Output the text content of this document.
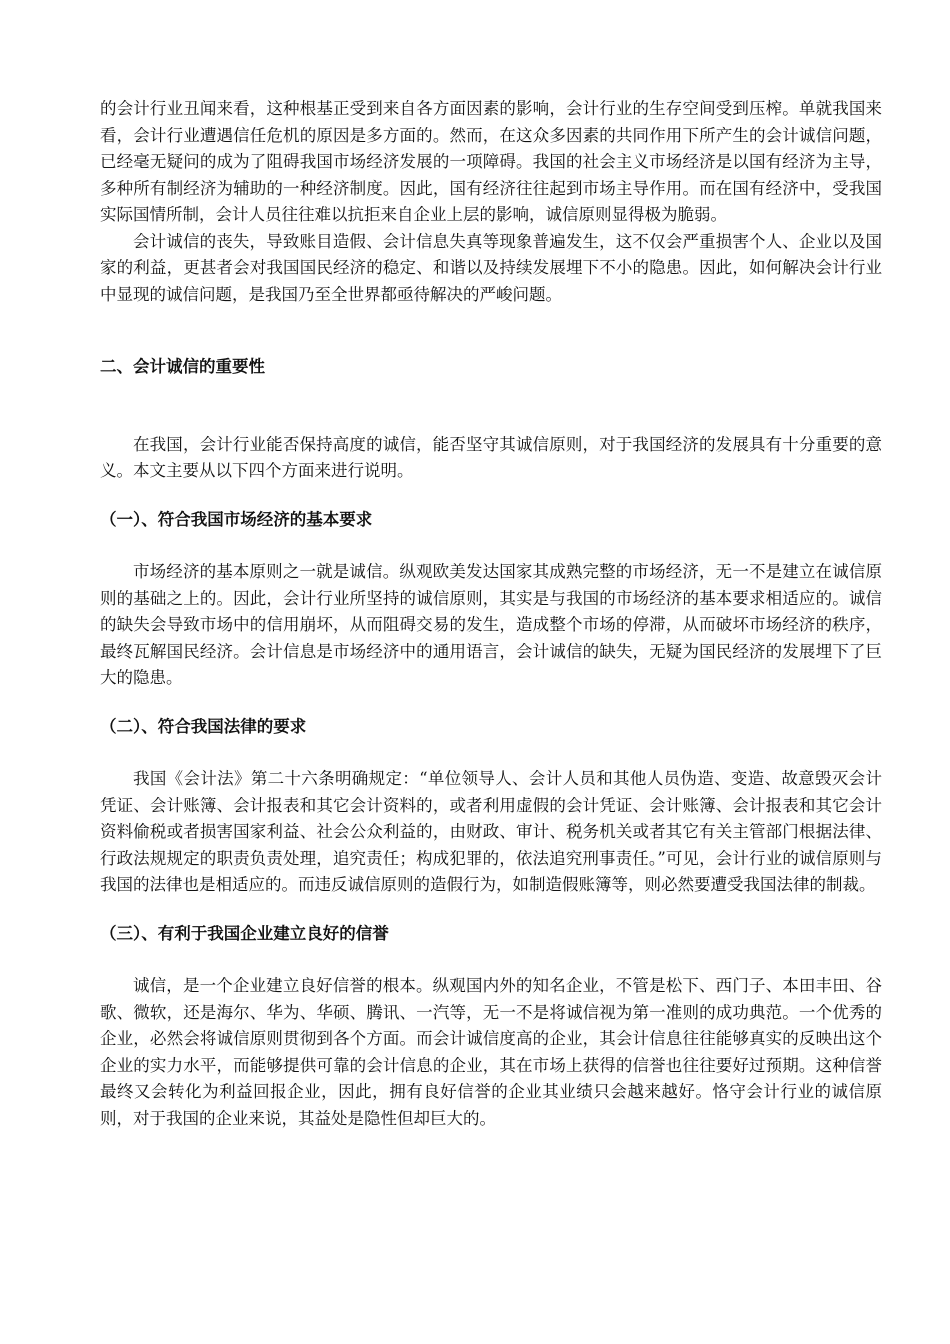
的会计行业丑闻来看，这种根基正受到来自各方面因素的影响，会计行业的生存空间受到压榨。单就我国来看，会计行业遭遇信任危机的原因是多方面的。然而，在这众多因素的共同作用下所产生的会计诚信问题，已经毫无疑问的成为了阻碍我国市场经济发展的一项障碍。我国的社会主义市场经济是以国有经济为主导，多种所有制经济为辅助的一种经济制度。因此，国有经济往往起到市场主导作用。而在国有经济中，受我国实际国情所制，会计人员往往难以抗拒来自企业上层的影响，诚信原则显得极为脆弱。

会计诚信的丧失，导致账目造假、会计信息失真等现象普遍发生，这不仅会严重损害个人、企业以及国家的利益，更甚者会对我国国民经济的稳定、和谐以及持续发展埋下不小的隐患。因此，如何解决会计行业中显现的诚信问题，是我国乃至全世界都亟待解决的严峻问题。

二、会计诚信的重要性

在我国，会计行业能否保持高度的诚信，能否坚守其诚信原则，对于我国经济的发展具有十分重要的意义。本文主要从以下四个方面来进行说明。

（一）、符合我国市场经济的基本要求

市场经济的基本原则之一就是诚信。纵观欧美发达国家其成熟完整的市场经济，无一不是建立在诚信原则的基础之上的。因此，会计行业所坚持的诚信原则，其实是与我国的市场经济的基本要求相适应的。诚信的缺失会导致市场中的信用崩坏，从而阻碍交易的发生，造成整个市场的停滞，从而破坏市场经济的秩序，最终瓦解国民经济。会计信息是市场经济中的通用语言，会计诚信的缺失，无疑为国民经济的发展埋下了巨大的隐患。

（二）、符合我国法律的要求

我国《会计法》第二十六条明确规定：“单位领导人、会计人员和其他人员伪造、变造、故意毁灭会计凭证、会计账簿、会计报表和其它会计资料的，或者利用虚假的会计凭证、会计账簿、会计报表和其它会计资料偷税或者损害国家利益、社会公众利益的，由财政、审计、税务机关或者其它有关主管部门根据法律、行政法规规定的职责负责处理，追究责任；构成犯罪的，依法追究刑事责任。”可见，会计行业的诚信原则与我国的法律也是相适应的。而违反诚信原则的造假行为，如制造假账簿等，则必然要遭受我国法律的制裁。

（三）、有利于我国企业建立良好的信誉

诚信，是一个企业建立良好信誉的根本。纵观国内外的知名企业，不管是松下、西门子、本田丰田、谷歌、微软，还是海尔、华为、华硕、腾讯、一汽等，无一不是将诚信视为第一准则的成功典范。一个优秀的企业，必然会将诚信原则贯彻到各个方面。而会计诚信度高的企业，其会计信息往往能够真实的反映出这个企业的实力水平，而能够提供可靠的会计信息的企业，其在市场上获得的信誉也往往要好过预期。这种信誉最终又会转化为利益回报企业，因此，拥有良好信誉的企业其业绩只会越来越好。恪守会计行业的诚信原则，对于我国的企业来说，其益处是隐性但却巨大的。
